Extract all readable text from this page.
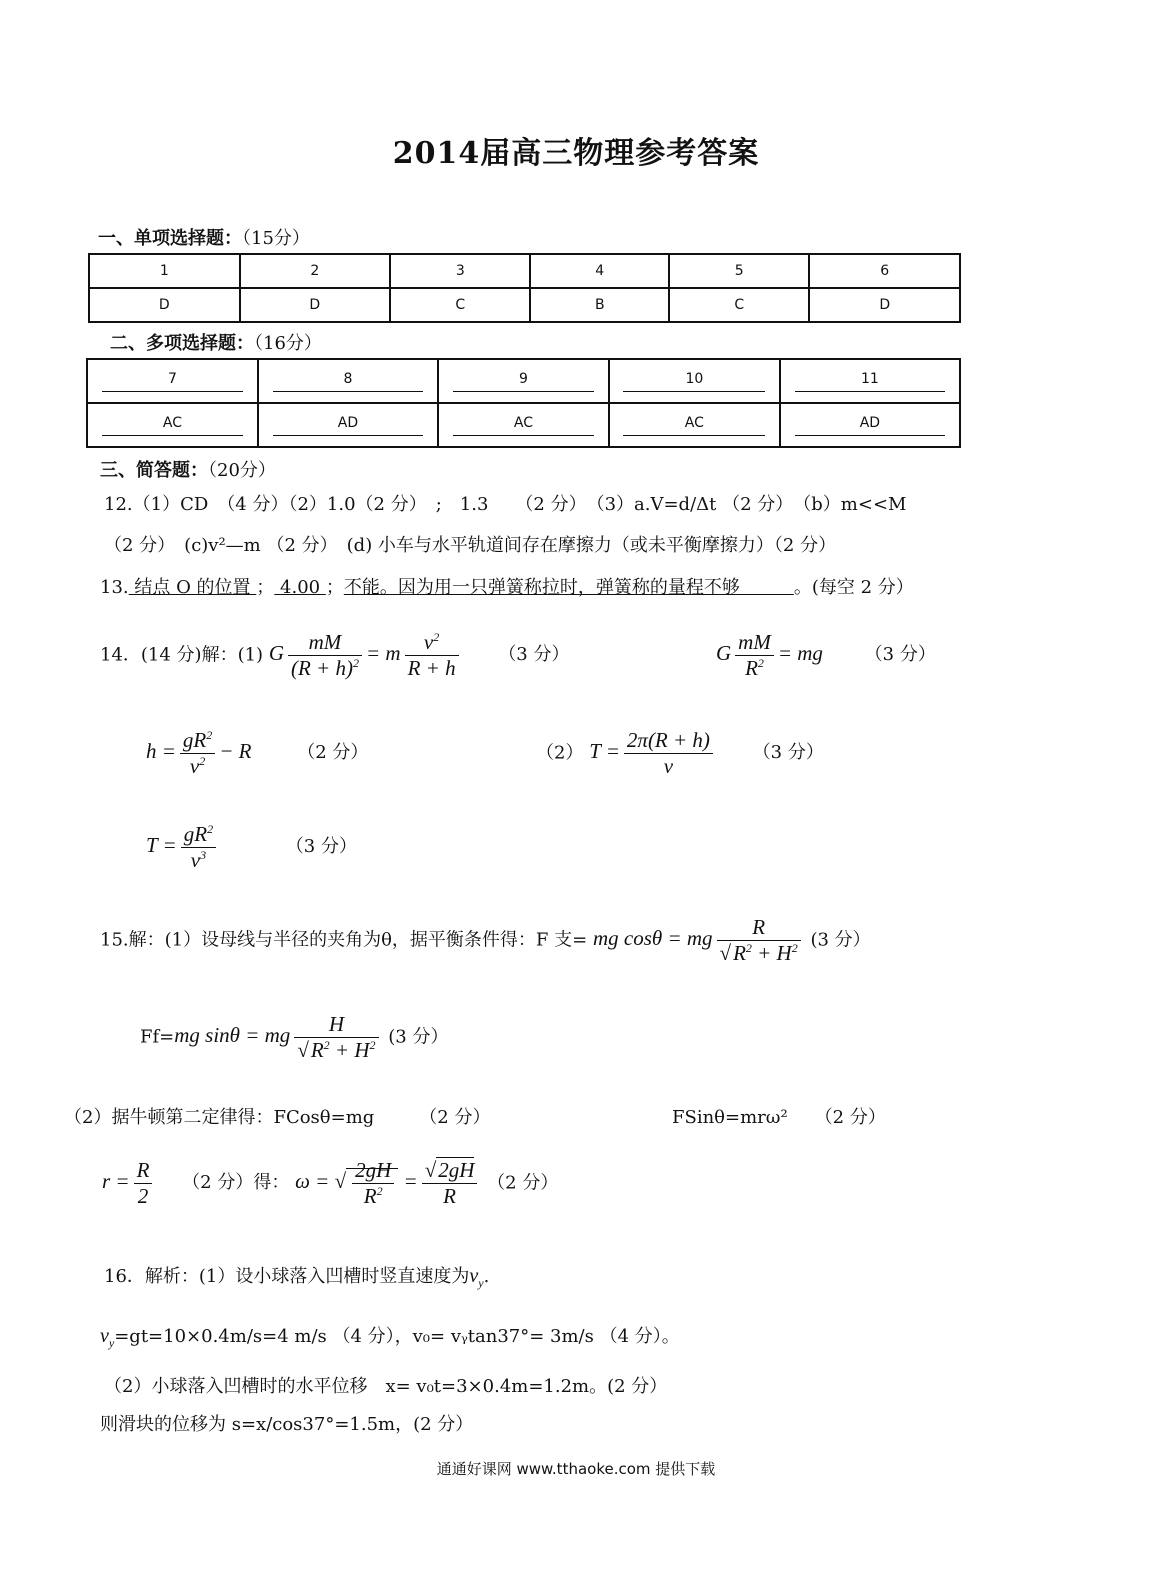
2014届高三物理参考答案
一、单项选择题：（15分）
1	2	3	4	5	6
D	D	C	B	C	D
二、多项选择题：（16分）
7	8	9	10	11
AC	AD	AC	AC	AD
三、简答题：（20分）
12.（1）CD　（4 分）（2）1.0（2 分）　;　1.3　　（2 分）　（3）a.V=d/Δt （2 分）　（b）m<<M
（2 分）　(c)v²—m （2 分）　(d) 小车与水平轨道间存在摩擦力（或未平衡摩擦力）（2 分）
13. 结点 O 的位置 ； 4.00 ；不能。因为用一只弹簧称拉时，弹簧称的量程不够　　　。(每空 2 分）
14．(14 分)解：(1) G $\frac{mM}{(R + h)^2} = m \frac{v^2}{R + h} (3$ 分）	G $\frac{mM}{R^2}$ = mg （3 分）
$h = \frac{gR^2}{v^2} - R$	（2 分）	（2） $T = \frac{2\pi(R + h)}{v} (3$ 分）
$T = \frac{gR^2}{v^3}$	（3 分）
15.解：(1）设母线与半径的夹角为θ，据平衡条件得：F 支= mg cosθ = mg $\frac{R}{√R^2 + H^2} (3$ 分）
Ff=mg sinθ = mg $\frac{H}{√R^2 + H^2} (3$ 分）
（2）据牛顿第二定律得：FCosθ=mg　　　（2 分）	FSinθ=mrω²　　（2 分）
$r = \frac{R}{2} (2$ 分）得： ω = √ $\frac{2gH}{R^2} = \frac{√2gH}{R} (2$ 分）
16．解析：(1）设小球落入凹槽时竖直速度为$v_y$.
$v_y=gt=10\times 0.4m/s=4$ m/s （4 分），v₀= vᵧtan37°= 3m/s （4 分）。
（2）小球落入凹槽时的水平位移　x= v₀t=3×0.4m=1.2m。(2 分）
则滑块的位移为 s=x/cos37°=1.5m，(2 分）
通通好课网 www.tthaoke.com 提供下载
